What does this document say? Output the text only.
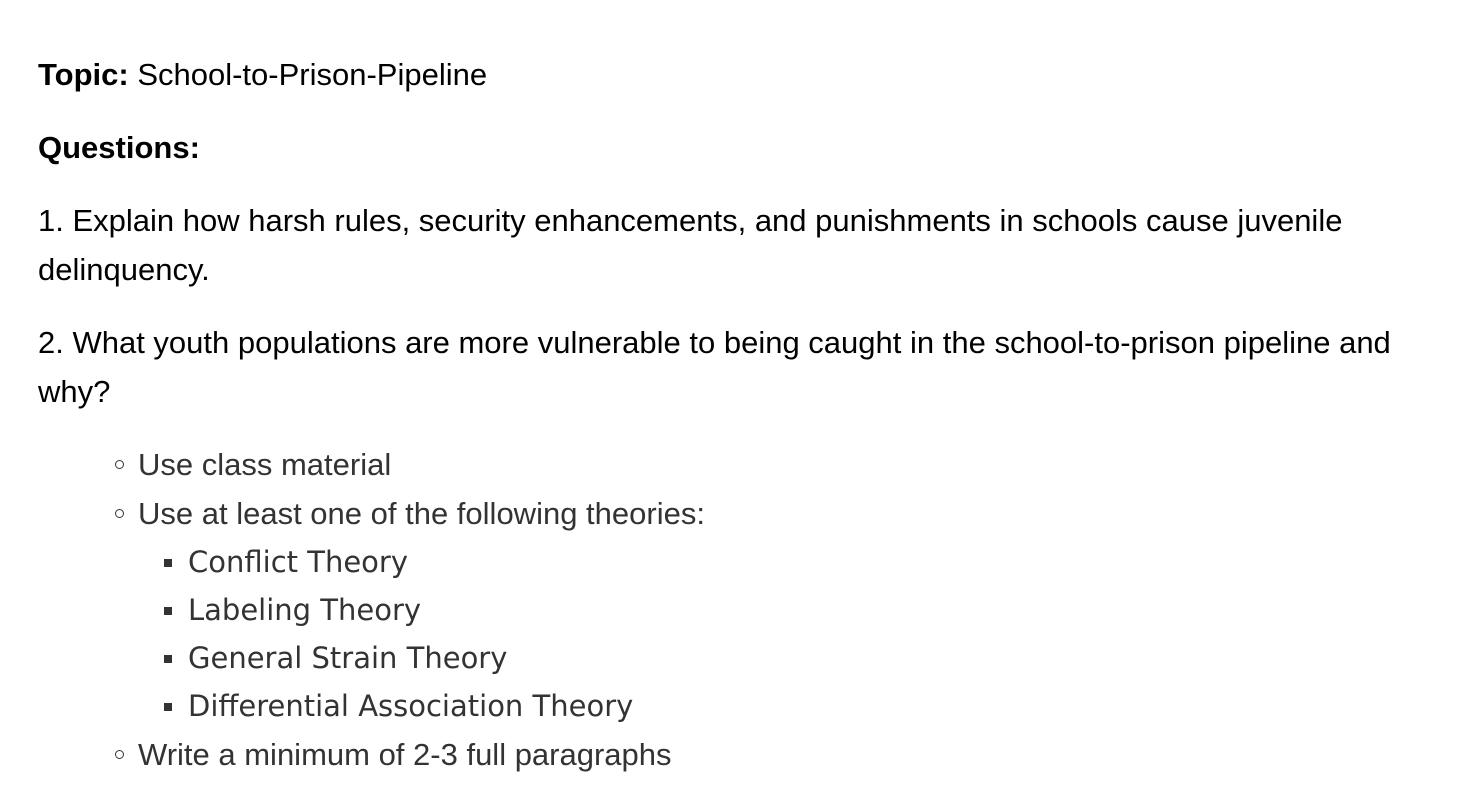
Topic: School-to-Prison-Pipeline

Questions:

1. Explain how harsh rules, security enhancements, and punishments in schools cause juvenile delinquency.

2. What youth populations are more vulnerable to being caught in the school-to-prison pipeline and why?

Use class material
Use at least one of the following theories:
Conflict Theory
Labeling Theory
General Strain Theory
Differential Association Theory
Write a minimum of 2-3 full paragraphs
